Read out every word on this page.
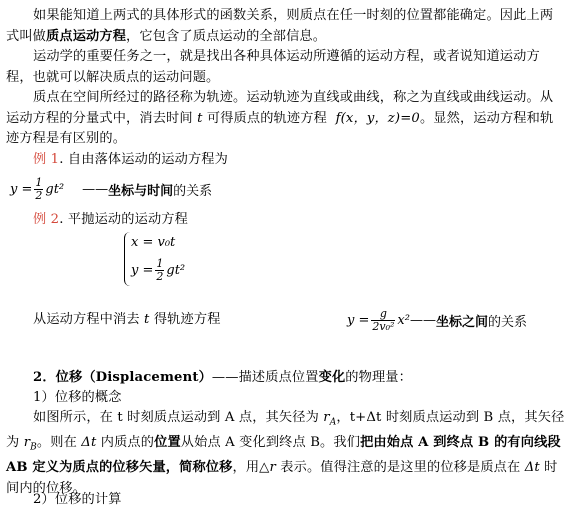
如果能知道上两式的具体形式的函数关系，则质点在任一时刻的位置都能确定。因此上两式叫做质点运动方程，它包含了质点运动的全部信息。

运动学的重要任务之一，就是找出各种具体运动所遵循的运动方程，或者说知道运动方程，也就可以解决质点的运动问题。

质点在空间所经过的路径称为轨迹。运动轨迹为直线或曲线，称之为直线或曲线运动。从运动方程的分量式中，消去时间 t 可得质点的轨迹方程 f(x，y，z)=0。显然，运动方程和轨迹方程是有区别的。

例 1. 自由落体运动的运动方程为

$y = \frac{1}{2} gt^2$ —— 坐标与时间 的关系

例 2. 平抛运动的运动方程

x = v₀t
$y = \frac{1}{2} gt^2$

从运动方程中消去 t 得轨迹方程	$y = \frac{g}{\text{2v₀²}} x^2$ —— 坐标之间 的关系

2．位移（Displacement）——描述质点位置变化的物理量：

1）位移的概念

如图所示，在 t 时刻质点运动到 A 点，其矢径为 $r_A$，t+Δt 时刻质点运动到 B 点，其矢径为 $r_B$。则在 Δt 内质点的位置从始点 A 变化到终点 B。我们把由始点 A 到终点 B 的有向线段 AB 定义为质点的位移矢量，简称位移，用△r 表示。值得注意的是这里的位移是质点在 Δt 时间内的位移。

2）位移的计算
